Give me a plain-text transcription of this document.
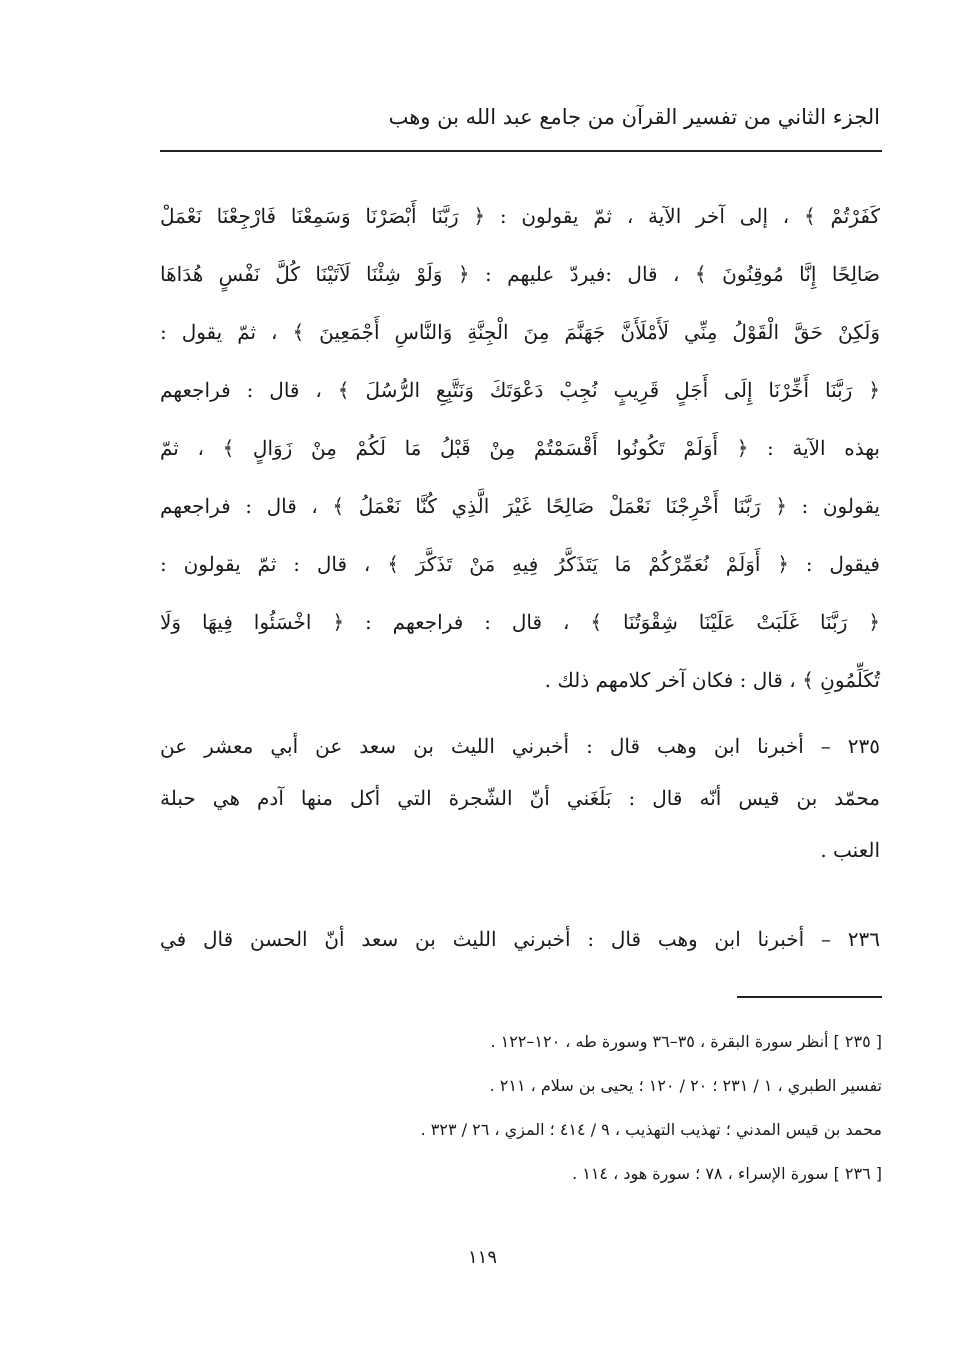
الجزء الثاني من تفسير القرآن من جامع عبد الله بن وهب
كَفَرْتُمْ ﴾ ، إلى آخر الآية ، ثمّ يقولون : ﴿ رَبَّنَا أَبْصَرْنَا وَسَمِعْنَا فَارْجِعْنَا نَعْمَلْ
صَالِحًا إِنَّا مُوقِنُونَ ﴾ ، قال :فيردّ عليهم : ﴿ وَلَوْ شِئْنَا لَآتَيْنَا كُلَّ نَفْسٍ هُدَاهَا
وَلَكِنْ حَقَّ الْقَوْلُ مِنِّي لَأَمْلَأَنَّ جَهَنَّمَ مِنَ الْجِنَّةِ وَالنَّاسِ أَجْمَعِينَ ﴾ ، ثمّ يقول :
﴿ رَبَّنَا أَخِّرْنَا إِلَى أَجَلٍ قَرِيبٍ نُجِبْ دَعْوَتَكَ وَنَتَّبِعِ الرُّسُلَ ﴾ ، قال : فراجعهم
بهذه الآية : ﴿ أَوَلَمْ تَكُونُوا أَقْسَمْتُمْ مِنْ قَبْلُ مَا لَكُمْ مِنْ زَوَالٍ ﴾ ، ثمّ
يقولون : ﴿ رَبَّنَا أَخْرِجْنَا نَعْمَلْ صَالِحًا غَيْرَ الَّذِي كُنَّا نَعْمَلُ ﴾ ، قال : فراجعهم
فيقول : ﴿ أَوَلَمْ نُعَمِّرْكُمْ مَا يَتَذَكَّرُ فِيهِ مَنْ تَذَكَّرَ ﴾ ، قال : ثمّ يقولون :
﴿ رَبَّنَا غَلَبَتْ عَلَيْنَا شِقْوَتُنَا ﴾ ، قال : فراجعهم : ﴿ اخْسَئُوا فِيهَا وَلَا
تُكَلِّمُونِ ﴾ ، قال : فكان آخر كلامهم ذلك .
٢٣٥ – أخبرنا ابن وهب قال : أخبرني الليث بن سعد عن أبي معشر عن
محمّد بن قيس أنّه قال : بَلَغَني أنّ الشّجرة التي أكل منها آدم هي حبلة
العنب .
٢٣٦ – أخبرنا ابن وهب قال : أخبرني الليث بن سعد أنّ الحسن قال في
[ ٢٣٥ ] أنظر سورة البقرة ، ٣٥–٣٦ وسورة طه ، ١٢٠–١٢٢ .
تفسير الطبري ، ١ / ٢٣١ ؛ ٢٠ / ١٢٠ ؛ يحيى بن سلام ، ٢١١ .
محمد بن قيس المدني ؛ تهذيب التهذيب ، ٩ / ٤١٤ ؛ المزي ، ٢٦ / ٣٢٣ .
[ ٢٣٦ ] سورة الإسراء ، ٧٨ ؛ سورة هود ، ١١٤ .
١١٩
